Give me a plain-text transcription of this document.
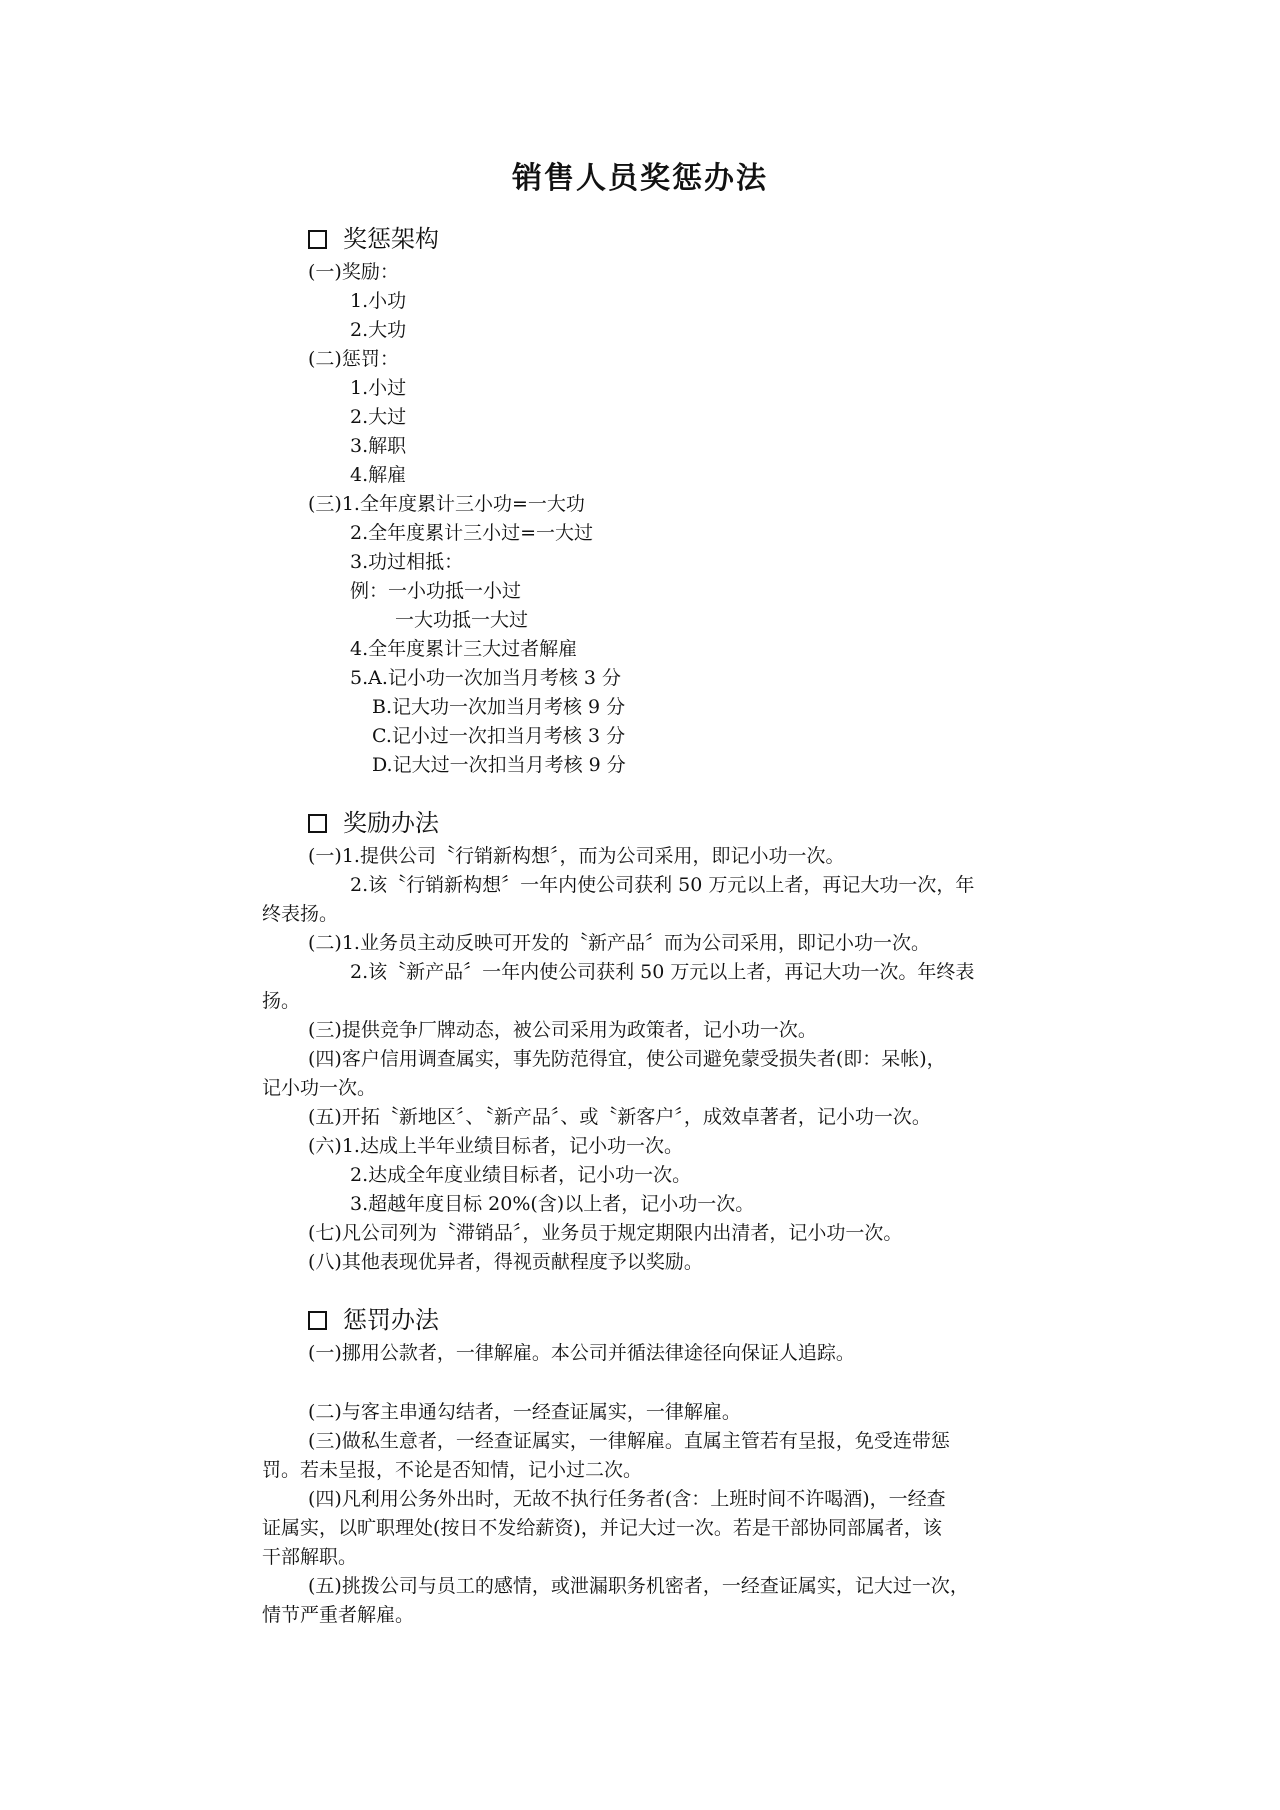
销售人员奖惩办法
奖惩架构
(一)奖励：
1.小功
2.大功
(二)惩罚：
1.小过
2.大过
3.解职
4.解雇
(三)1.全年度累计三小功=一大功
2.全年度累计三小过=一大过
3.功过相抵：
例：一小功抵一小过
一大功抵一大过
4.全年度累计三大过者解雇
5.A.记小功一次加当月考核 3 分
B.记大功一次加当月考核 9 分
C.记小过一次扣当月考核 3 分
D.记大过一次扣当月考核 9 分
奖励办法
(一)1.提供公司〝行销新构想〞，而为公司采用，即记小功一次。
2.该〝行销新构想〞一年内使公司获利 50 万元以上者，再记大功一次，年
终表扬。
(二)1.业务员主动反映可开发的〝新产品〞而为公司采用，即记小功一次。
2.该〝新产品〞一年内使公司获利 50 万元以上者，再记大功一次。年终表
扬。
(三)提供竞争厂牌动态，被公司采用为政策者，记小功一次。
(四)客户信用调查属实，事先防范得宜，使公司避免蒙受损失者(即：呆帐)，
记小功一次。
(五)开拓〝新地区〞、〝新产品〞、或〝新客户〞，成效卓著者，记小功一次。
(六)1.达成上半年业绩目标者，记小功一次。
2.达成全年度业绩目标者，记小功一次。
3.超越年度目标 20%(含)以上者，记小功一次。
(七)凡公司列为〝滞销品〞，业务员于规定期限内出清者，记小功一次。
(八)其他表现优异者，得视贡献程度予以奖励。
惩罚办法
(一)挪用公款者，一律解雇。本公司并循法律途径向保证人追踪。
(二)与客主串通勾结者，一经查证属实，一律解雇。
(三)做私生意者，一经查证属实，一律解雇。直属主管若有呈报，免受连带惩
罚。若未呈报，不论是否知情，记小过二次。
(四)凡利用公务外出时，无故不执行任务者(含：上班时间不许喝酒)，一经查
证属实，以旷职理处(按日不发给薪资)，并记大过一次。若是干部协同部属者，该
干部解职。
(五)挑拨公司与员工的感情，或泄漏职务机密者，一经查证属实，记大过一次，
情节严重者解雇。
